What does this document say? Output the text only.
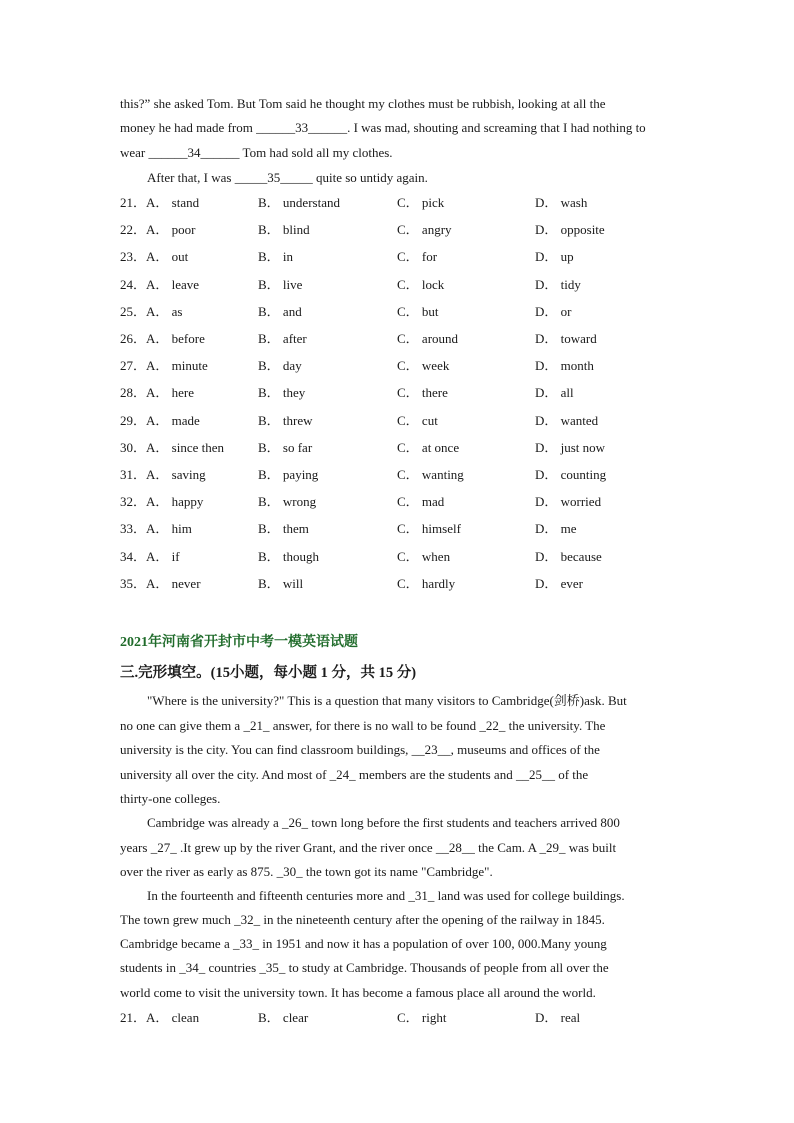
this?” she asked Tom. But Tom said he thought my clothes must be rubbish, looking at all the
money he had made from ______33______. I was mad, shouting and screaming that I had nothing to
wear ______34______ Tom had sold all my clothes.
After that, I was _____35_____ quite so untidy again.
21．A． stand	B． understand	C． pick	D． wash
22．A． poor	B． blind	C． angry	D． opposite
23．A． out	B． in	C． for	D． up
24．A． leave	B． live	C． lock	D． tidy
25．A． as	B． and	C． but	D． or
26．A． before	B． after	C． around	D． toward
27．A． minute	B． day	C． week	D． month
28．A． here	B． they	C． there	D． all
29．A． made	B． threw	C． cut	D． wanted
30．A． since then	B． so far	C． at once	D． just now
31．A． saving	B． paying	C． wanting	D． counting
32．A． happy	B． wrong	C． mad	D． worried
33．A． him	B． them	C． himself	D． me
34．A． if	B． though	C． when	D． because
35．A． never	B． will	C． hardly	D． ever
2021年河南省开封市中考一模英语试题
三.完形填空。(15小题，每小题 1 分，共 15 分)
"Where is the university?" This is a question that many visitors to Cambridge(剑桥)ask. But
no one can give them a _21_ answer, for there is no wall to be found _22_ the university. The
university is the city. You can find classroom buildings, __23__, museums and offices of the
university all over the city. And most of _24_ members are the students and __25__ of the
thirty-one colleges.
Cambridge was already a _26_ town long before the first students and teachers arrived 800
years _27_ .It grew up by the river Grant, and the river once __28__ the Cam. A _29_ was built
over the river as early as 875. _30_ the town got its name "Cambridge".
In the fourteenth and fifteenth centuries more and _31_ land was used for college buildings.
The town grew much _32_ in the nineteenth century after the opening of the railway in 1845.
Cambridge became a _33_ in 1951 and now it has a population of over 100, 000.Many young
students in _34_ countries _35_ to study at Cambridge. Thousands of people from all over the
world come to visit the university town. It has become a famous place all around the world.
21．A． clean	B． clear	C． right	D． real
